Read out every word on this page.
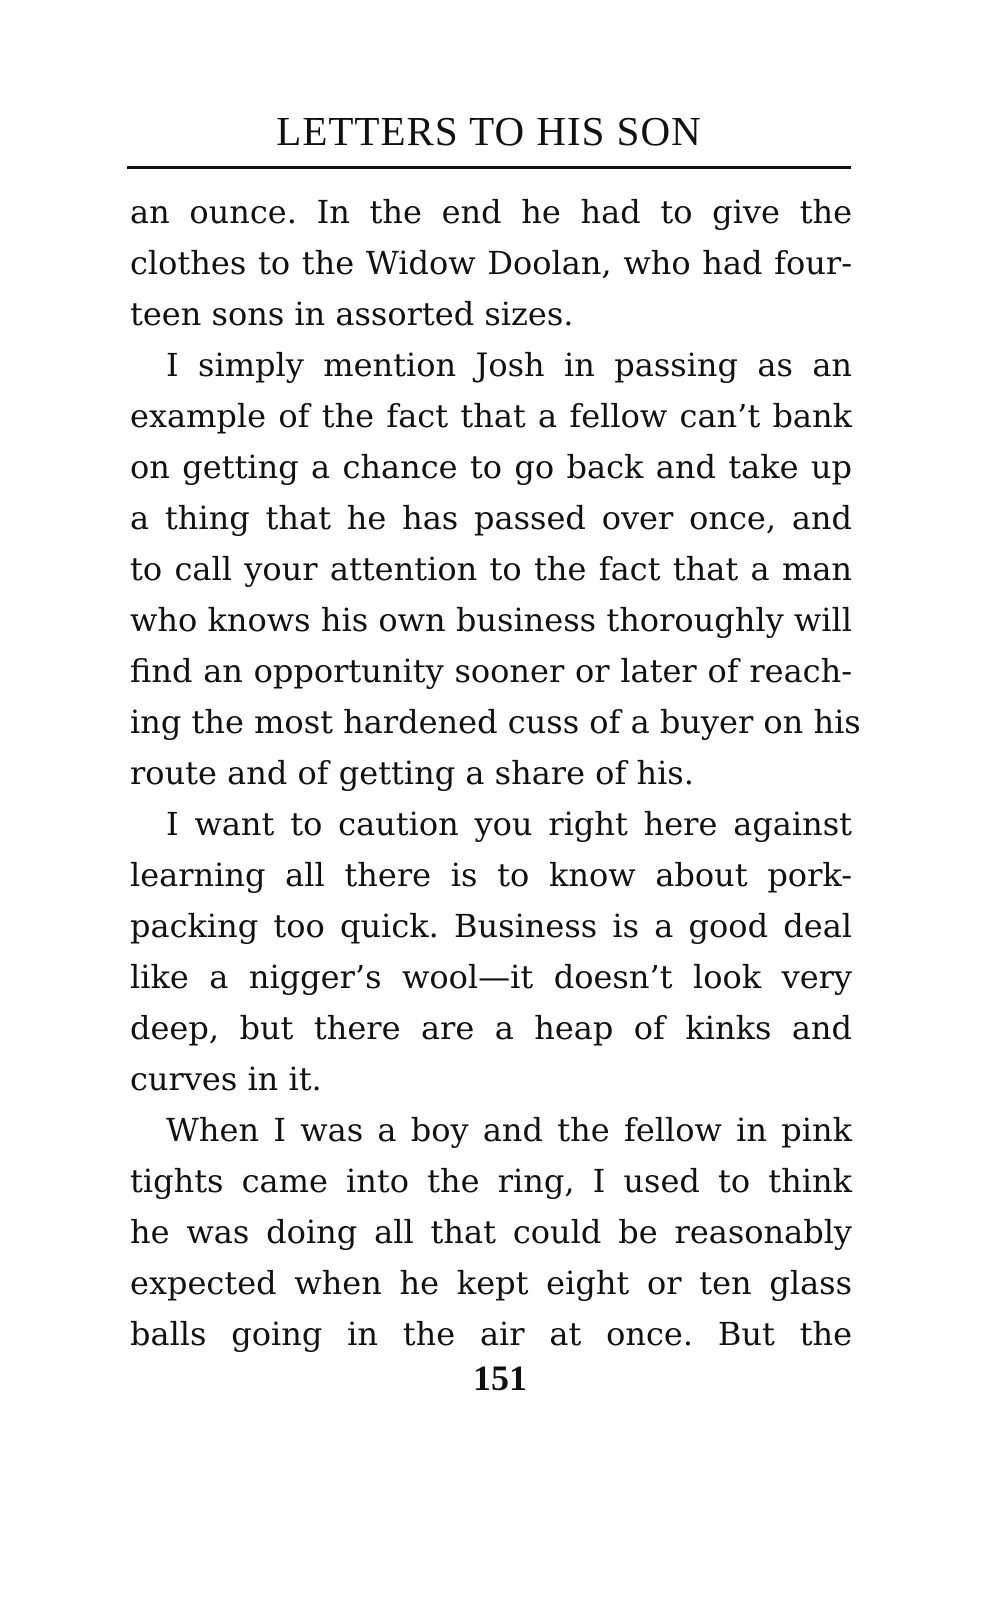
LETTERS TO HIS SON
an ounce. In the end he had to give the
clothes to the Widow Doolan, who had four-
teen sons in assorted sizes.
I simply mention Josh in passing as an
example of the fact that a fellow can’t bank
on getting a chance to go back and take up
a thing that he has passed over once, and
to call your attention to the fact that a man
who knows his own business thoroughly will
find an opportunity sooner or later of reach-
ing the most hardened cuss of a buyer on his
route and of getting a share of his.
I want to caution you right here against
learning all there is to know about pork-
packing too quick. Business is a good deal
like a nigger’s wool—it doesn’t look very
deep, but there are a heap of kinks and
curves in it.
When I was a boy and the fellow in pink
tights came into the ring, I used to think
he was doing all that could be reasonably
expected when he kept eight or ten glass
balls going in the air at once. But the
151
